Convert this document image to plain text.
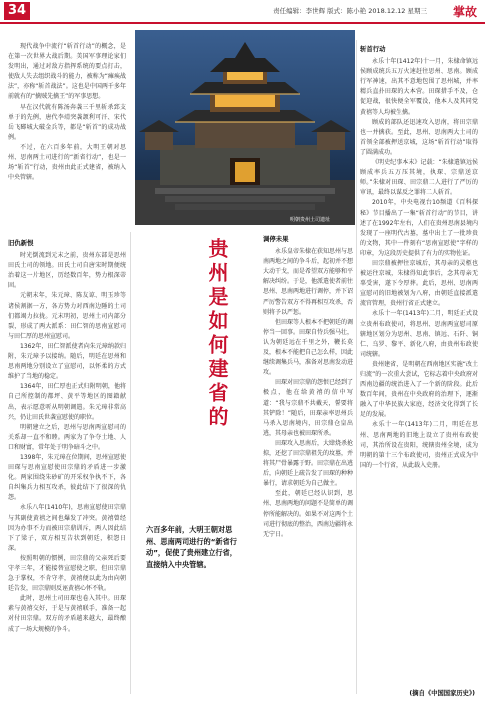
34	责任编辑：李世辉 版式：陈小艳 2018.12.12 星期三 掌故

现代战争中流行“斩首行动”的概念，是在第一次世界大战后期。美国军事理论家们发明出，通过对敌方指挥系统的要点打击，使敌人失去组织战斗的能力，被称为“瘫痪战法”，亦称“斩首战法”。这也是中国两千多年前就有的“擒贼先擒王”的军事思想。

早在汉代就有陈汤奔袭三千里斩杀郅支单于的先例，唐代李靖突袭颉利可汗、宋代岳飞郾城大破金兵等，都是“斩首”的成功战例。

不过，在六百多年前，大明王朝对思州、思南两土司进行的“新省行动”，也是一场“斩首”行动，贵州由此正式建省，被纳入中央管辖。

明朝贵州土司遗址
旧仇新恨

时光倒流到元末之前，贵州东部是思州田氏土司的领地。田氏土司自唐宋时期便统治着这一片地区，历经数百年，势力根深蒂固。

元朝末年，朱元璋、陈友谅、明玉珍等诸侯割据一方，各方势力对西南边陲的土司们都竭力拉拢。元末明初，思州土司内部分裂，形成了两大派系：田仁智的思南宣慰司与田仁厚的思州宣慰司。

1362年，田仁智派使者向朱元璋纳款归附，朱元璋予以接纳。随后，明廷在思州和思南两地分别设立了宣慰司，以怀柔的方式维护了当地的稳定。

1364年，田仁厚也正式归附明朝，他将自己所控制的都坪、黄平等地区的图籍献出，表示愿意听从明朝调遣。朱元璋非常高兴，仍让田氏世袭宣慰使的职位。

明朝建立之后，思州与思南两宣慰司的关系却一直不和睦。两家为了争夺土地、人口和财富，常年处于明争暗斗之中。

1398年，朱元璋在位期间，思州宣慰使田琛与思南宣慰使田宗鼎的矛盾进一步激化。两家围绕朱砂矿的开采权争执不下，各自纠集兵力相互攻杀，彼此结下了很深的仇怨。

永乐八年(1410年)，思南宣慰使田宗鼎与其副使黄禧之间也爆发了冲突。黄禧曾经因为办事不力而被田宗鼎训斥，两人因此结下了梁子，双方相互告状到朝廷，积怨日深。

按照明朝的惯例，田宗鼎的父亲死后要守孝三年，才能接替宣慰使之职，但田宗鼎急于掌权，不肯守孝，黄禧便以此为由向朝廷告发，田宗鼎则反诬黄禧心怀不轨。

此时，思州土司田琛也卷入其中。田琛素与黄禧交好，于是与黄禧联手，准备一起对付田宗鼎。双方的矛盾越来越大，最终酿成了一场大规模的争斗。

贵州是如何建省的
六百多年前，大明王朝对思州、思南两司进行的“新省行动”，促使了贵州建立行省，直接纳入中央管辖。
调停未果

永乐皇帝朱棣在获知思州与思南两地之间的争斗后，起初并不想大动干戈，而是希望双方能够和平解决纠纷。于是，他派遣使者前往思州、思南两地进行调停，并下诏严厉警告双方不得再相互攻杀，否则将予以严惩。

但田琛等人根本不把朝廷的调停当一回事。田琛自恃兵强马壮，认为朝廷远在千里之外，鞭长莫及，根本不能把自己怎么样，因此继续调集兵马，准备对思南发动进攻。

田琛对田宗鼎的怨恨已经到了极点，他在给黄禧的信中写道：“我与宗鼎不共戴天，誓要将其铲除！”随后，田琛亲率思州兵马杀入思南境内，田宗鼎仓皇出逃，其母亲也被田琛所杀。

田琛攻入思南后，大肆烧杀抢掠，还挖了田宗鼎祖先的坟墓，并将其尸骨暴露于野。田宗鼎在出逃后，向朝廷上疏告发了田琛的种种暴行，请求朝廷为自己做主。

至此，朝廷已经认识到，思州、思南两地的问题不是简单的调停所能解决的。如果不对这两个土司进行彻底的整治，西南边疆将永无宁日。

斩首行动

永乐十年(1412年)十一月，朱棣命镇远侯顾成统兵五万火速赶往思州、思南。顾成行军神速，出其不意地包围了思州城，并率精兵直扑田琛的大本营。田琛措手不及，仓促迎战，很快便全军覆没，他本人及其同党黄禧等人均被生擒。

顾成的部队还迅速攻入思南，将田宗鼎也一并擒获。至此，思州、思南两大土司的首领全部被押送京城，这场“斩首行动”取得了圆满成功。

《明史纪事本末》记载：“朱棣遣镇远侯顾成率兵五万压其境，执琛、宗鼎送京师。”朱棣对田琛、田宗鼎二人进行了严厉的审讯，最终以谋反之罪将二人斩首。

2010年，中央电视台10频道《百科探秘》节目播出了一集“斩首行动”的节目，讲述了在1992年左右，人们在贵州思南县境内发现了一座明代古墓，墓中出土了一批珍贵的文物，其中一件刻有“思南宣慰使”字样的印章，为这段历史提供了有力的实物佐证。

田宗鼎被押往京城后，其母亲的灵柩也被运往京城，朱棣得知此事后，念其母亲无辜受害，遂下令厚葬。此后，思州、思南两宣慰司的旧地被划为八府，由朝廷直接派遣流官管理，贵州行省正式建立。

永乐十一年(1413年)二月，明廷正式设立贵州布政使司，将思州、思南两宣慰司原辖地区划分为思州、思南、镇远、石阡、铜仁、乌罗、黎平、新化八府，由贵州布政使司统辖。

贵州建省，是明朝在西南地区实施“改土归流”的一次重大尝试，它标志着中央政府对西南边疆的统治进入了一个新的阶段。此后数百年间，贵州在中央政府的治理下，逐渐融入了中华民族大家庭，经济文化得到了长足的发展。

永乐十一年(1413年)二月，明廷在思州、思南两地的旧地上设立了贵州布政使司，其治所设在贵阳，统辖贵州全境，成为明朝的第十三个布政使司，贵州正式成为中国的一个行省，从此载入史册。

(摘自《中国国家历史》)
